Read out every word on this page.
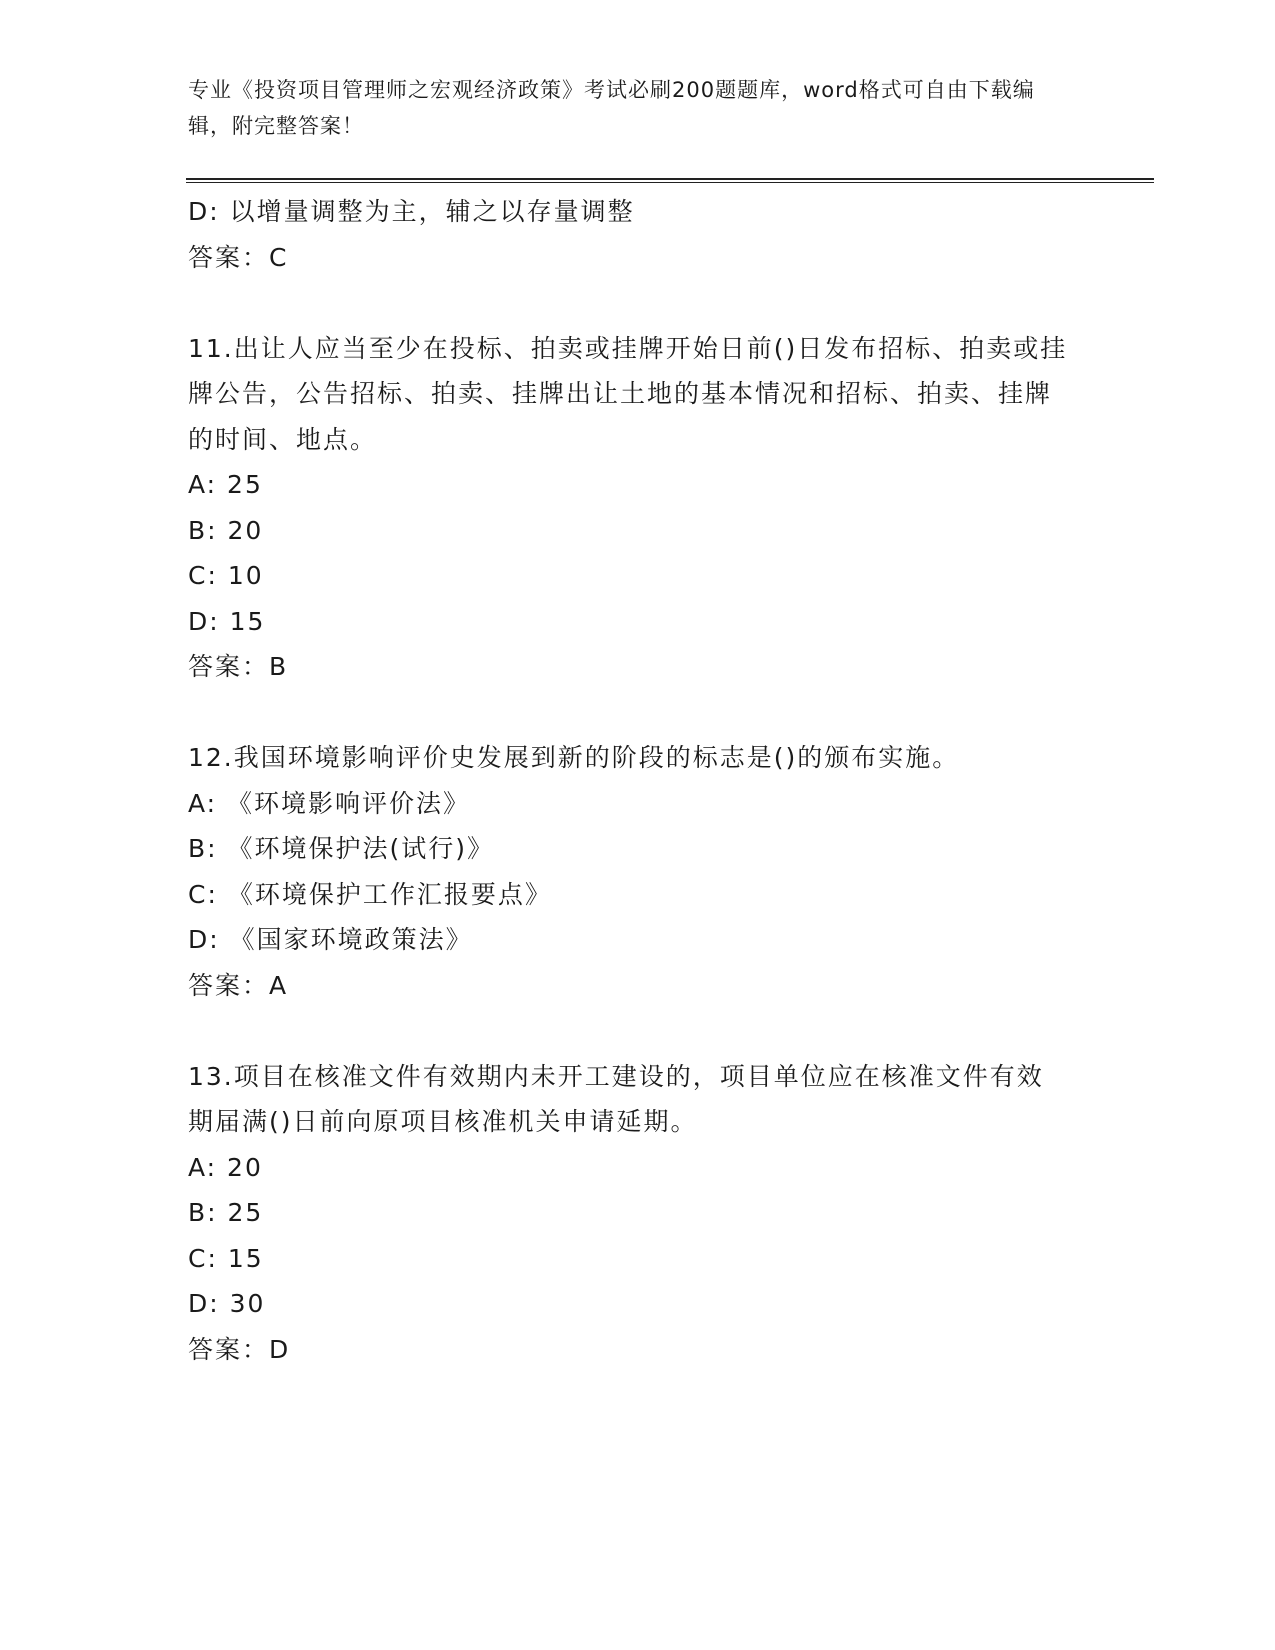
专业《投资项目管理师之宏观经济政策》考试必刷200题题库，word格式可自由下载编辑，附完整答案！
D: 以增量调整为主，辅之以存量调整
答案：C
11.出让人应当至少在投标、拍卖或挂牌开始日前()日发布招标、拍卖或挂牌公告，公告招标、拍卖、挂牌出让土地的基本情况和招标、拍卖、挂牌的时间、地点。
A: 25
B: 20
C: 10
D: 15
答案：B
12.我国环境影响评价史发展到新的阶段的标志是()的颁布实施。
A: 《环境影响评价法》
B: 《环境保护法(试行)》
C: 《环境保护工作汇报要点》
D: 《国家环境政策法》
答案：A
13.项目在核准文件有效期内未开工建设的，项目单位应在核准文件有效期届满()日前向原项目核准机关申请延期。
A: 20
B: 25
C: 15
D: 30
答案：D
